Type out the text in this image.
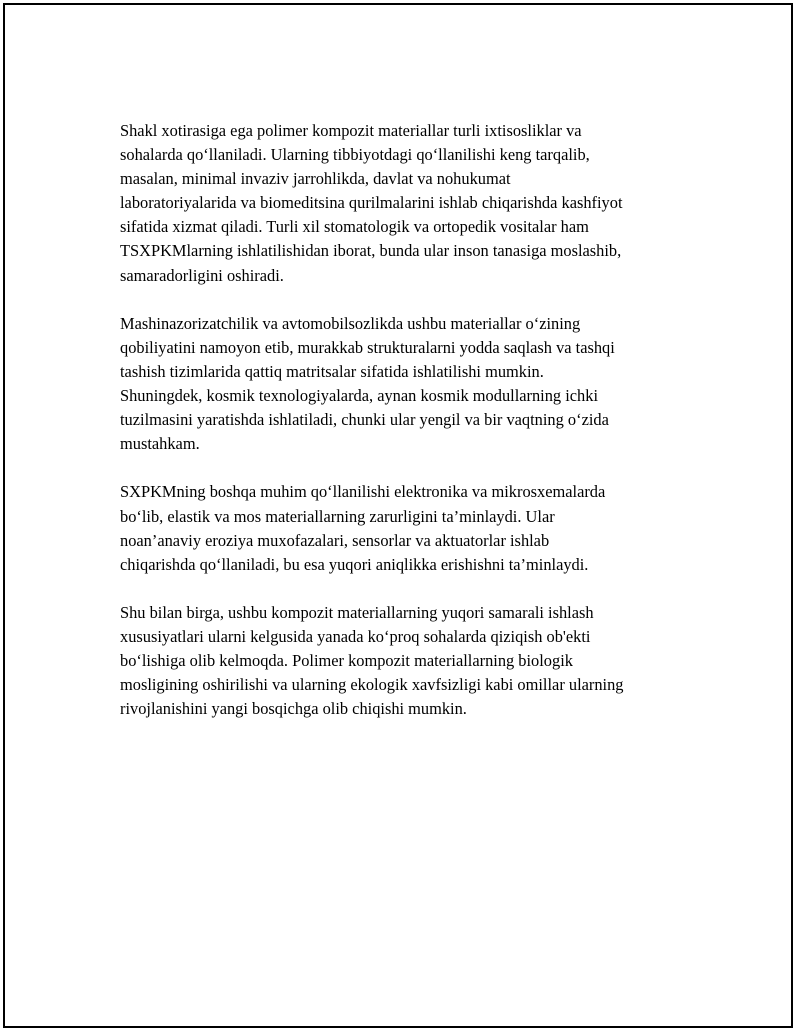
Shakl xotirasiga ega polimer kompozit materiallar turli ixtisosliklar va
sohalarda qo‘llaniladi. Ularning tibbiyotdagi qo‘llanilishi keng tarqalib,
masalan, minimal invaziv jarrohlikda, davlat va nohukumat
laboratoriyalarida va biomeditsina qurilmalarini ishlab chiqarishda kashfiyot
sifatida xizmat qiladi. Turli xil stomatologik va ortopedik vositalar ham
TSXPKMlarning ishlatilishidan iborat, bunda ular inson tanasiga moslashib,
samaradorligini oshiradi.

Mashinazorizatchilik va avtomobilsozlikda ushbu materiallar o‘zining
qobiliyatini namoyon etib, murakkab strukturalarni yodda saqlash va tashqi
tashish tizimlarida qattiq matritsalar sifatida ishlatilishi mumkin.
Shuningdek, kosmik texnologiyalarda, aynan kosmik modullarning ichki
tuzilmasini yaratishda ishlatiladi, chunki ular yengil va bir vaqtning o‘zida
mustahkam.

SXPKMning boshqa muhim qo‘llanilishi elektronika va mikrosxemalarda
bo‘lib, elastik va mos materiallarning zarurligini ta’minlaydi. Ular
noan’anaviy eroziya muxofazalari, sensorlar va aktuatorlar ishlab
chiqarishda qo‘llaniladi, bu esa yuqori aniqlikka erishishni ta’minlaydi.

Shu bilan birga, ushbu kompozit materiallarning yuqori samarali ishlash
xususiyatlari ularni kelgusida yanada ko‘proq sohalarda qiziqish ob'ekti
bo‘lishiga olib kelmoqda. Polimer kompozit materiallarning biologik
mosligining oshirilishi va ularning ekologik xavfsizligi kabi omillar ularning
rivojlanishini yangi bosqichga olib chiqishi mumkin.
